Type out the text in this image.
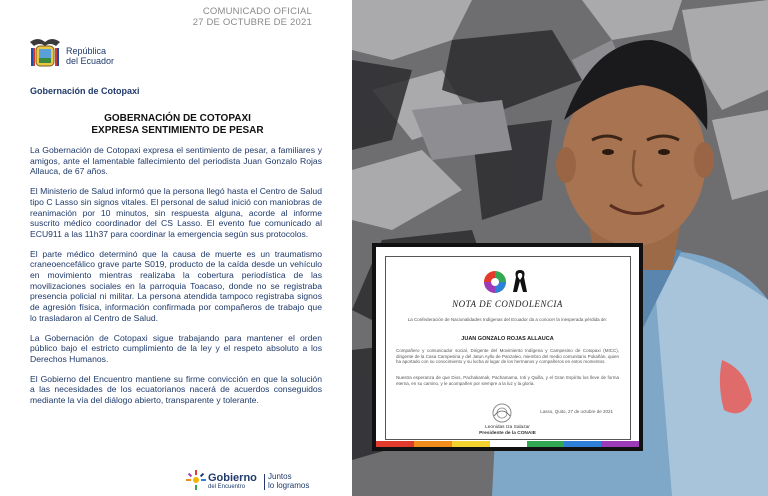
COMUNICADO OFICIAL
27 DE OCTUBRE DE 2021
República
del Ecuador
Gobernación de Cotopaxi
GOBERNACIÓN DE COTOPAXI
EXPRESA SENTIMIENTO DE PESAR

La Gobernación de Cotopaxi expresa el sentimiento de pesar, a familiares y amigos, ante el lamentable fallecimiento del periodista Juan Gonzalo Rojas Allauca, de 67 años.

El Ministerio de Salud informó que la persona llegó hasta el Centro de Salud tipo C Lasso sin signos vitales. El personal de salud inició con maniobras de reanimación por 10 minutos, sin respuesta alguna, acorde al informe suscrito médico coordinador del CS Lasso. El evento fue comunicado al ECU911 a las 11h37 para coordinar la emergencia según sus protocolos.

El parte médico determinó que la causa de muerte es un traumatismo craneoencefálico grave parte S019, producto de la caída desde un vehículo en movimiento mientras realizaba la cobertura periodística de las movilizaciones sociales en la parroquia Toacaso, donde no se registraba presencia policial ni militar. La persona atendida tampoco registraba signos de agresión física, información confirmada por compañeros de trabajo que lo trasladaron al Centro de Salud.

La Gobernación de Cotopaxi sigue trabajando para mantener el orden público bajo el estricto cumplimiento de la ley y el respeto absoluto a los Derechos Humanos.

El Gobierno del Encuentro mantiene su firme convicción en que la solución a las necesidades de los ecuatorianos nacerá de acuerdos conseguidos mediante la vía del diálogo abierto, transparente y tolerante.

Gobierno
del Encuentro
Juntos
lo logramos
NOTA DE CONDOLENCIA
La Confederación de Nacionalidades Indígenas del Ecuador da a conocer la inesperada pérdida de:
JUAN GONZALO ROJAS ALLAUCA
Compañero y comunicador social, Dirigente del Movimiento Indígena y Campesino de Cotopaxi (MICC), dirigente de la Casa Campesina y del Jatun Ayllu de Panzaleo, miembro del medio comunitario Pukañán, quien ha aportado con su conocimiento y su lucha al lugar de los hermanos y compañeros en estos momentos.
Nuestra esperanza de que Dios, Pachakamak, Pachamama, Inti y Quilla, y el Gran Espíritu los lleve de forma eterna, en su camino, y le acompañen por siempre a la luz y la gloria.
Lasso, Quito, 27 de octubre de 2021
Leonidas Iza Salazar
Presidente de la CONAIE
